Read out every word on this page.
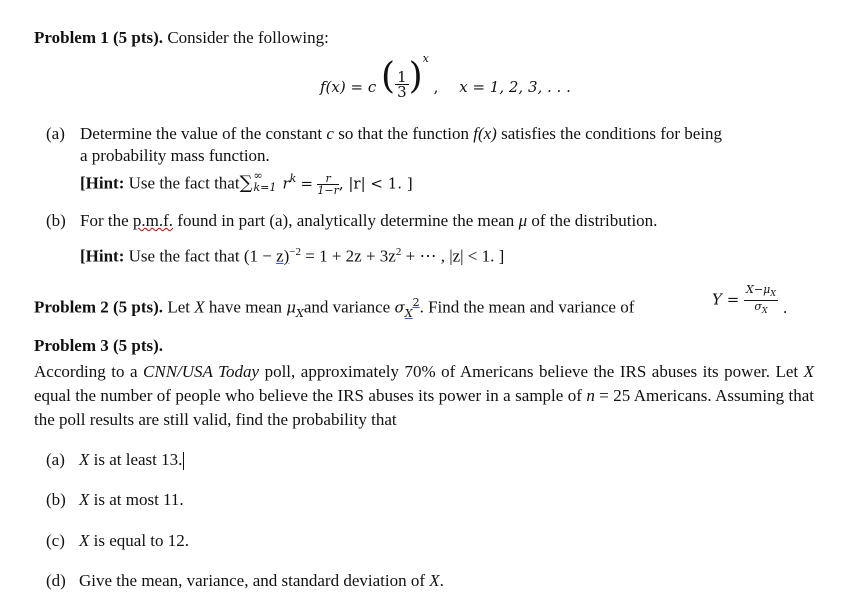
Problem 1 (5 pts). Consider the following:
f(x) = c ( $\frac{1}{3} )^x$ , x = 1, 2, 3, . . .
(a) Determine the value of the constant c so that the function f(x) satisfies the conditions for being
a probability mass function.
[Hint: Use the fact that∑ ∞
k=1 $r^k = \frac{r}{1-r}$ , |r| < 1. ]
(b) For the p.m.f. found in part (a), analytically determine the mean μ of the distribution.
[Hint: Use the fact that $(1 - z)^{-2} = 1 + 2z + 3z^2$ + ⋯ , |z| < 1. ]
Problem 2 (5 pts). Let X have mean $\mu_Xand$ variance $\sigma_X^2$. Find the mean and variance of	$Y = \frac{X-\mu_X}{\sigma_X}$ .
Problem 3 (5 pts).
According to a CNN/USA Today poll, approximately 70% of Americans believe the IRS abuses its power. Let X equal the number of people who believe the IRS abuses its power in a sample of n = 25 Americans. Assuming that the poll results are still valid, find the probability that
(a) X is at least 13.
(b) X is at most 11.
(c) X is equal to 12.
(d) Give the mean, variance, and standard deviation of X.
